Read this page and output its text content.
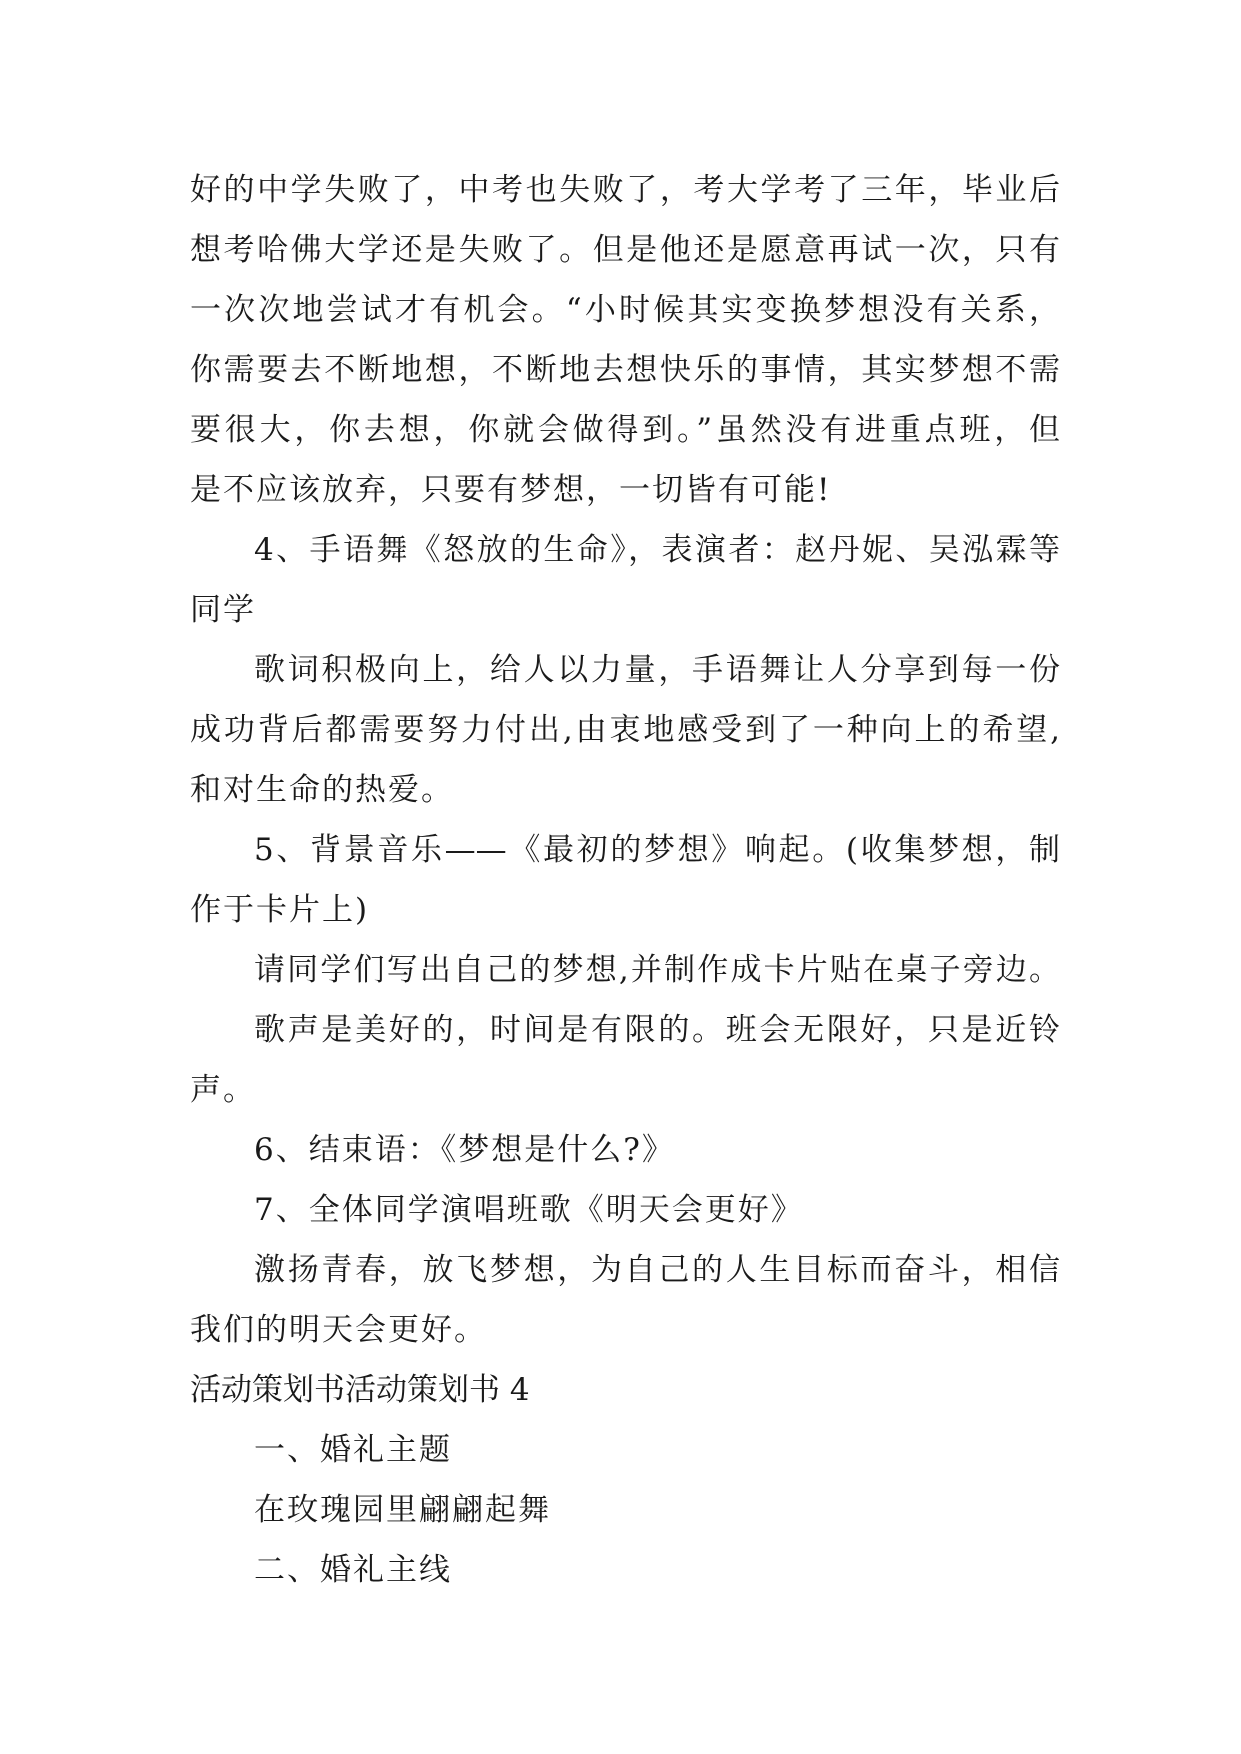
好的中学失败了，中考也失败了，考大学考了三年，毕业后
想考哈佛大学还是失败了。但是他还是愿意再试一次，只有
一次次地尝试才有机会。“小时候其实变换梦想没有关系，
你需要去不断地想，不断地去想快乐的事情，其实梦想不需
要很大，你去想，你就会做得到。”虽然没有进重点班，但
是不应该放弃，只要有梦想，一切皆有可能!
4、手语舞《怒放的生命》，表演者：赵丹妮、吴泓霖等
同学
歌词积极向上，给人以力量，手语舞让人分享到每一份
成功背后都需要努力付出,由衷地感受到了一种向上的希望,
和对生命的热爱。
5、背景音乐——《最初的梦想》响起。(收集梦想，制
作于卡片上)
请同学们写出自己的梦想,并制作成卡片贴在桌子旁边。
歌声是美好的，时间是有限的。班会无限好，只是近铃
声。
6、结束语：《梦想是什么?》
7、全体同学演唱班歌《明天会更好》
激扬青春，放飞梦想，为自己的人生目标而奋斗，相信
我们的明天会更好。
活动策划书活动策划书 4
一、婚礼主题
在玫瑰园里翩翩起舞
二、婚礼主线
